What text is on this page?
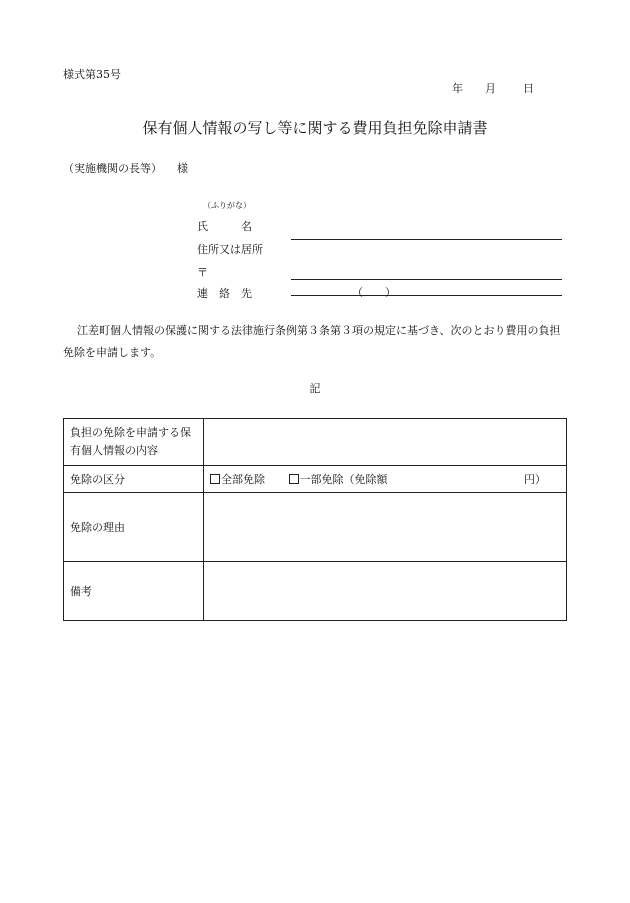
様式第35号
年 月 日
保有個人情報の写し等に関する費用負担免除申請書
（実施機関の長等） 様
（ふりがな）
氏　　　名
住所又は居所
〒
連　絡　先	（　　）
江差町個人情報の保護に関する法律施行条例第３条第３項の規定に基づき、次のとおり費用の負担免除を申請します。
記
負担の免除を申請する保
有個人情報の内容	

免除の区分	全部免除 一部免除（免除額 円）

免除の理由	
備考	
